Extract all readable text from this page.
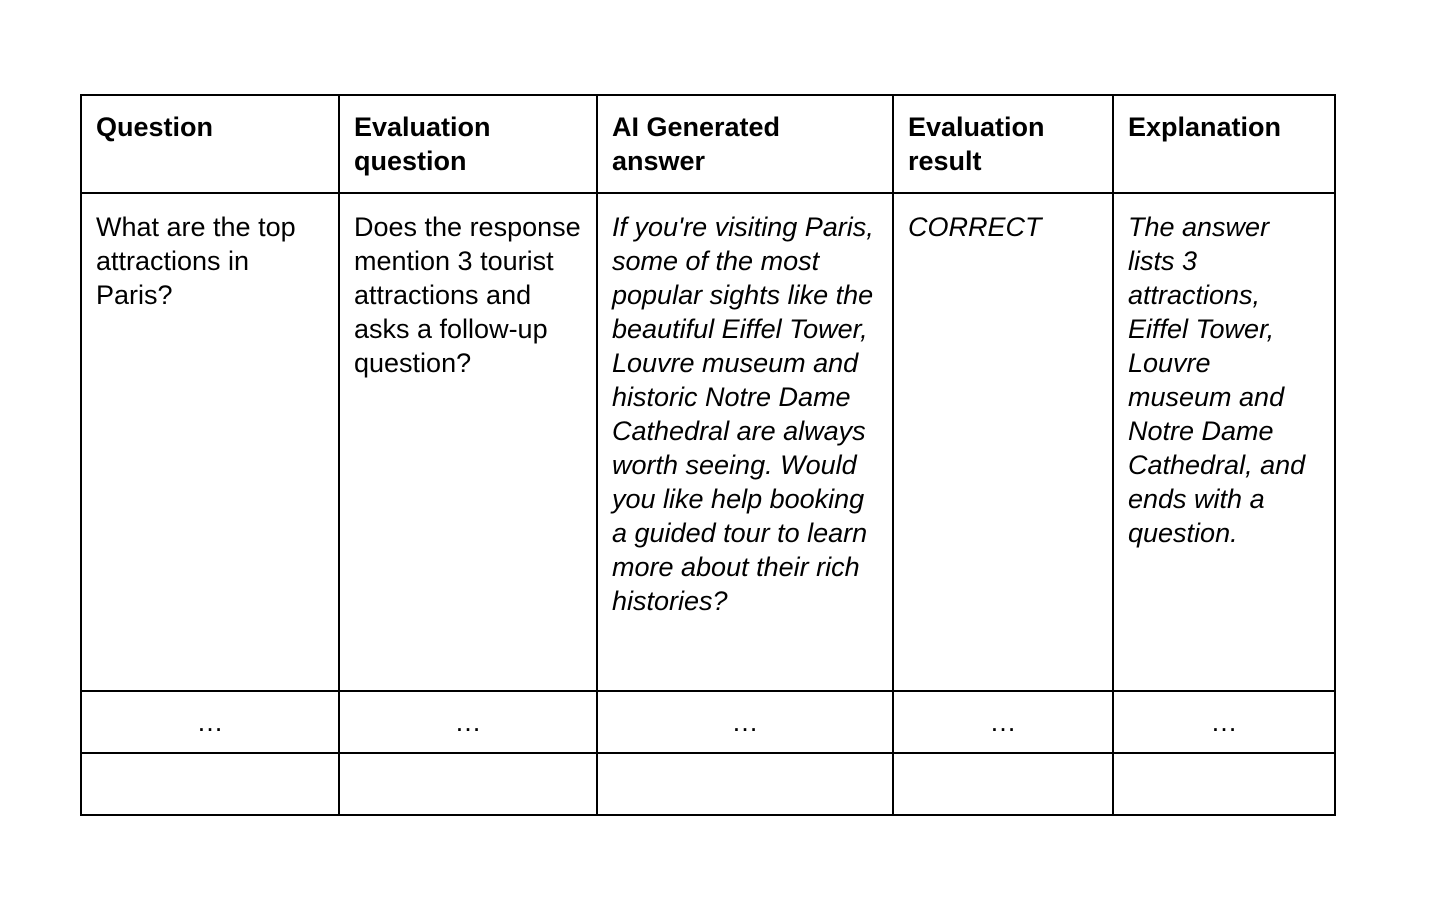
Question	Evaluation question	AI Generated answer	Evaluation result	Explanation
What are the top attractions in Paris?	Does the response mention 3 tourist attractions and asks a follow-up question?	If you're visiting Paris, some of the most popular sights like the beautiful Eiffel Tower, Louvre museum and historic Notre Dame Cathedral are always worth seeing. Would you like help booking a guided tour to learn more about their rich histories?	CORRECT	The answer lists 3 attractions, Eiffel Tower, Louvre museum and Notre Dame Cathedral, and ends with a question.
…	…	…	…	…
